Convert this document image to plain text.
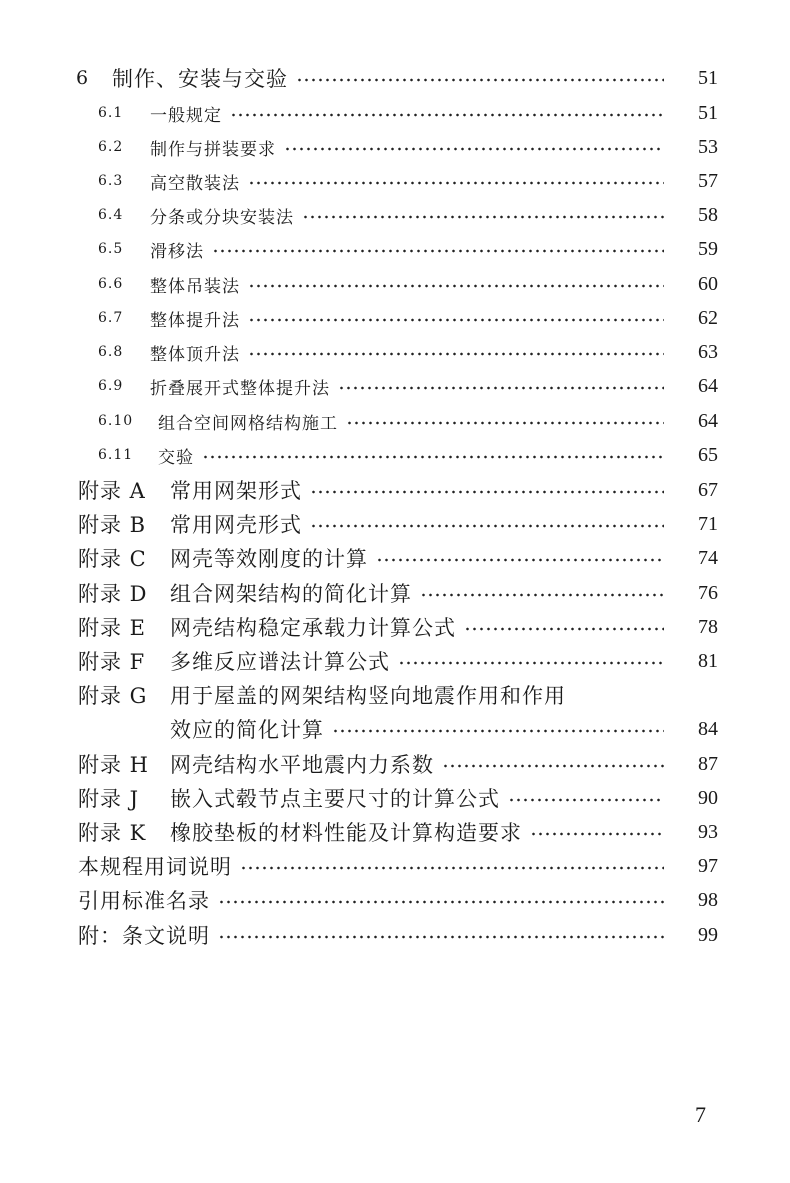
6	制作、安装与交验	51
6.1	一般规定	51
6.2	制作与拼装要求	53
6.3	高空散装法	57
6.4	分条或分块安装法	58
6.5	滑移法	59
6.6	整体吊装法	60
6.7	整体提升法	62
6.8	整体顶升法	63
6.9	折叠展开式整体提升法	64
6.10	组合空间网格结构施工	64
6.11	交验	65
附录 A	常用网架形式	67
附录 B	常用网壳形式	71
附录 C	网壳等效刚度的计算	74
附录 D	组合网架结构的简化计算	76
附录 E	网壳结构稳定承载力计算公式	78
附录 F	多维反应谱法计算公式	81
附录 G	用于屋盖的网架结构竖向地震作用和作用
效应的简化计算	84
附录 H	网壳结构水平地震内力系数	87
附录 J	嵌入式毂节点主要尺寸的计算公式	90
附录 K	橡胶垫板的材料性能及计算构造要求	93
本规程用词说明	97
引用标准名录	98
附：条文说明	99
7
